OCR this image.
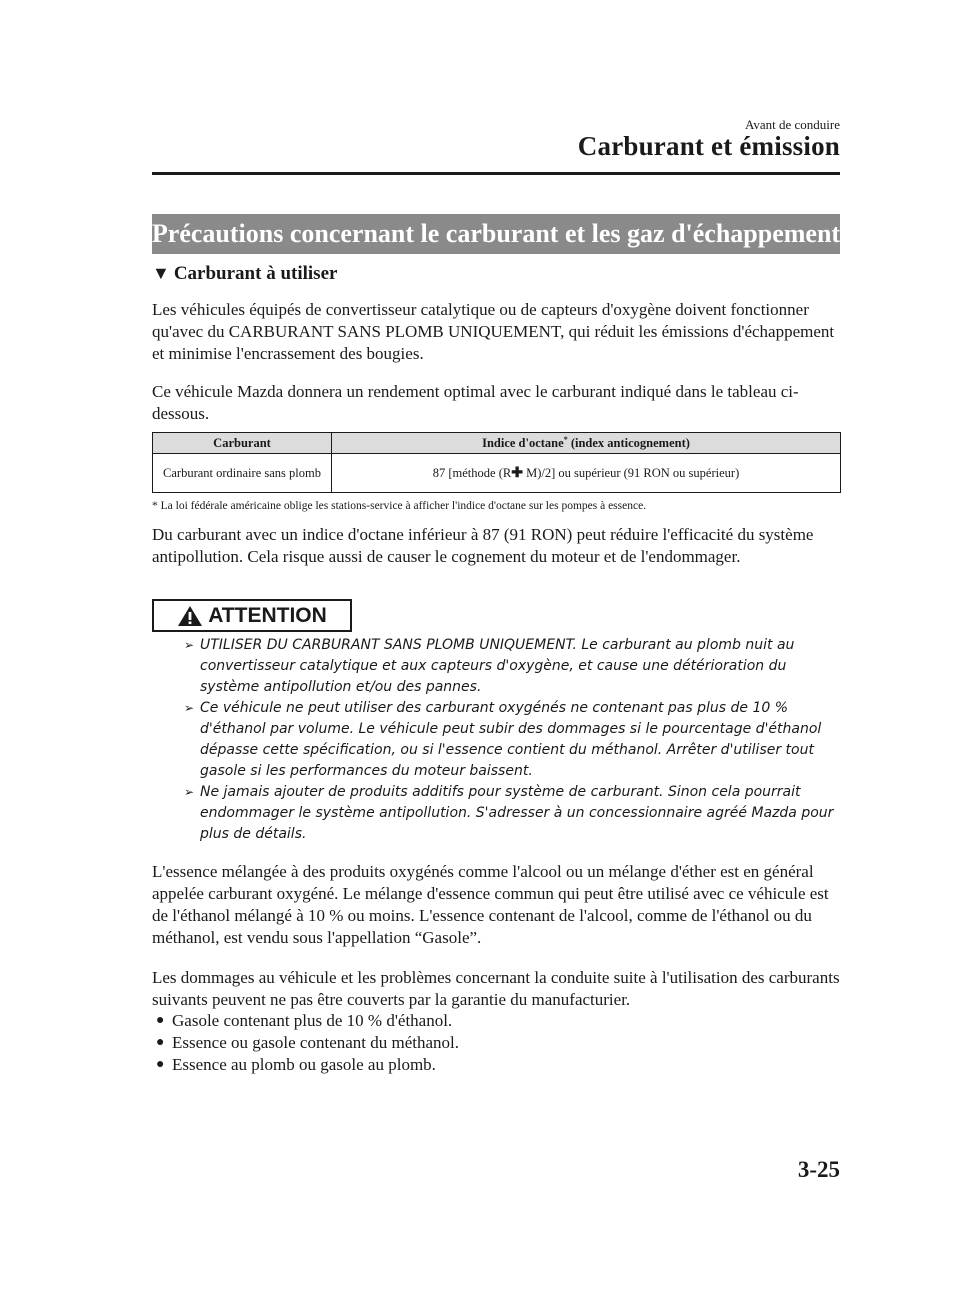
Avant de conduire
Carburant et émission
Précautions concernant le carburant et les gaz d'échappement
▼ Carburant à utiliser

Les véhicules équipés de convertisseur catalytique ou de capteurs d'oxygène doivent fonctionner qu'avec du CARBURANT SANS PLOMB UNIQUEMENT, qui réduit les émissions d'échappement et minimise l'encrassement des bougies.

Ce véhicule Mazda donnera un rendement optimal avec le carburant indiqué dans le tableau ci-dessous.

Carburant	Indice d'octane* (index anticognement)
Carburant ordinaire sans plomb	87 [méthode (R✚ M)/2] ou supérieur (91 RON ou supérieur)
* La loi fédérale américaine oblige les stations-service à afficher l'indice d'octane sur les pompes à essence.

Du carburant avec un indice d'octane inférieur à 87 (91 RON) peut réduire l'efficacité du système antipollution. Cela risque aussi de causer le cognement du moteur et de l'endommager.

ATTENTION
➢ UTILISER DU CARBURANT SANS PLOMB UNIQUEMENT. Le carburant au plomb nuit au convertisseur catalytique et aux capteurs d'oxygène, et cause une détérioration du système antipollution et/ou des pannes.
➢ Ce véhicule ne peut utiliser des carburant oxygénés ne contenant pas plus de 10 % d'éthanol par volume. Le véhicule peut subir des dommages si le pourcentage d'éthanol dépasse cette spécification, ou si l'essence contient du méthanol. Arrêter d'utiliser tout gasole si les performances du moteur baissent.
➢ Ne jamais ajouter de produits additifs pour système de carburant. Sinon cela pourrait endommager le système antipollution. S'adresser à un concessionnaire agréé Mazda pour plus de détails.

L'essence mélangée à des produits oxygénés comme l'alcool ou un mélange d'éther est en général appelée carburant oxygéné. Le mélange d'essence commun qui peut être utilisé avec ce véhicule est de l'éthanol mélangé à 10 % ou moins. L'essence contenant de l'alcool, comme de l'éthanol ou du méthanol, est vendu sous l'appellation “Gasole”.

Les dommages au véhicule et les problèmes concernant la conduite suite à l'utilisation des carburants suivants peuvent ne pas être couverts par la garantie du manufacturier.

● Gasole contenant plus de 10 % d'éthanol.
● Essence ou gasole contenant du méthanol.
● Essence au plomb ou gasole au plomb.
3-25
